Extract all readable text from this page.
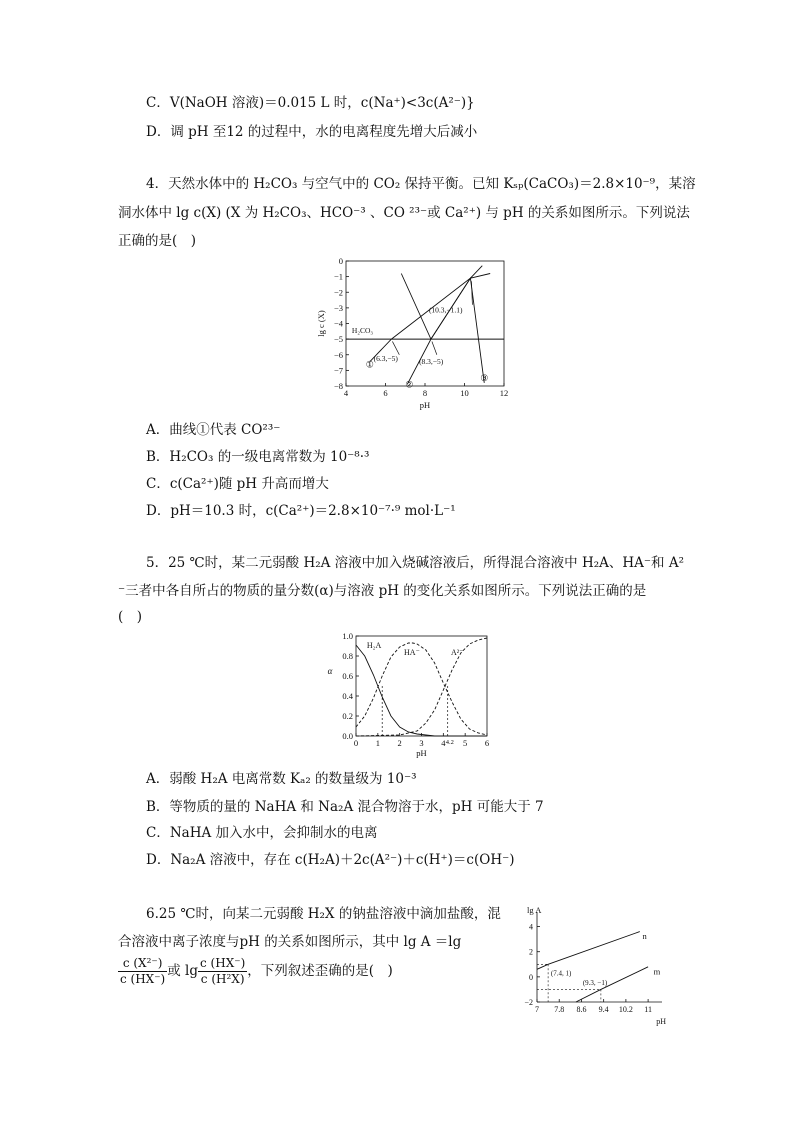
C．V(NaOH 溶液)＝0.015 L 时，c(Na⁺)<3c(A²⁻)}
D．调 pH 至12 的过程中，水的电离程度先增大后减小
4．天然水体中的 H₂CO₃ 与空气中的 CO₂ 保持平衡。已知 Kₛₚ(CaCO₃)＝2.8×10⁻⁹，某溶
洞水体中 lg c(X) (X 为 H₂CO₃、HCO⁻³ 、CO ²³⁻或 Ca²⁺) 与 pH 的关系如图所示。下列说法
正确的是(　)
4	6	8	10	12
0
−1
−2
−3
−4
−5
−6
−7
−8
pH
lg c (X)	H₂CO₃
①
②
③
(10.3,−1.1)
(6.3,−5)	(8.3,−5)
A．曲线①代表 CO²³⁻
B．H₂CO₃ 的一级电离常数为 10⁻⁸·³
C．c(Ca²⁺)随 pH 升高而增大
D．pH＝10.3 时，c(Ca²⁺)＝2.8×10⁻⁷·⁹ mol·L⁻¹
5．25 ℃时，某二元弱酸 H₂A 溶液中加入烧碱溶液后，所得混合溶液中 H₂A、HA⁻和 A²
⁻三者中各自所占的物质的量分数(α)与溶液 pH 的变化关系如图所示。下列说法正确的是
(　)
0 1 2 3 4 5 6
4.2
0.0
0.2
0.4
0.6
0.8
1.0
pH
α
H₂A
HA⁻	A²⁻
A．弱酸 H₂A 电离常数 Kₐ₂ 的数量级为 10⁻³
B．等物质的量的 NaHA 和 Na₂A 混合物溶于水，pH 可能大于 7
C．NaHA 加入水中，会抑制水的电离
D．Na₂A 溶液中，存在 c(H₂A)＋2c(A²⁻)＋c(H⁺)＝c(OH⁻)
6.25 ℃时，向某二元弱酸 H₂X 的钠盐溶液中滴加盐酸，混
合溶液中离子浓度与pH 的关系如图所示，其中 lg A ＝lg
$\frac{\text{c (X²⁻)}}{c (HX^-)}$ 或 $\lg \frac{c (HX^-)}{\text{c (H²X)}}$ ，下列叙述歪确的是(　)
7 7.8 8.6 9.4 10.2 11
4
2
0
−2
pH
lg A
n
m
(7.4, 1)
(9.3, −1)
